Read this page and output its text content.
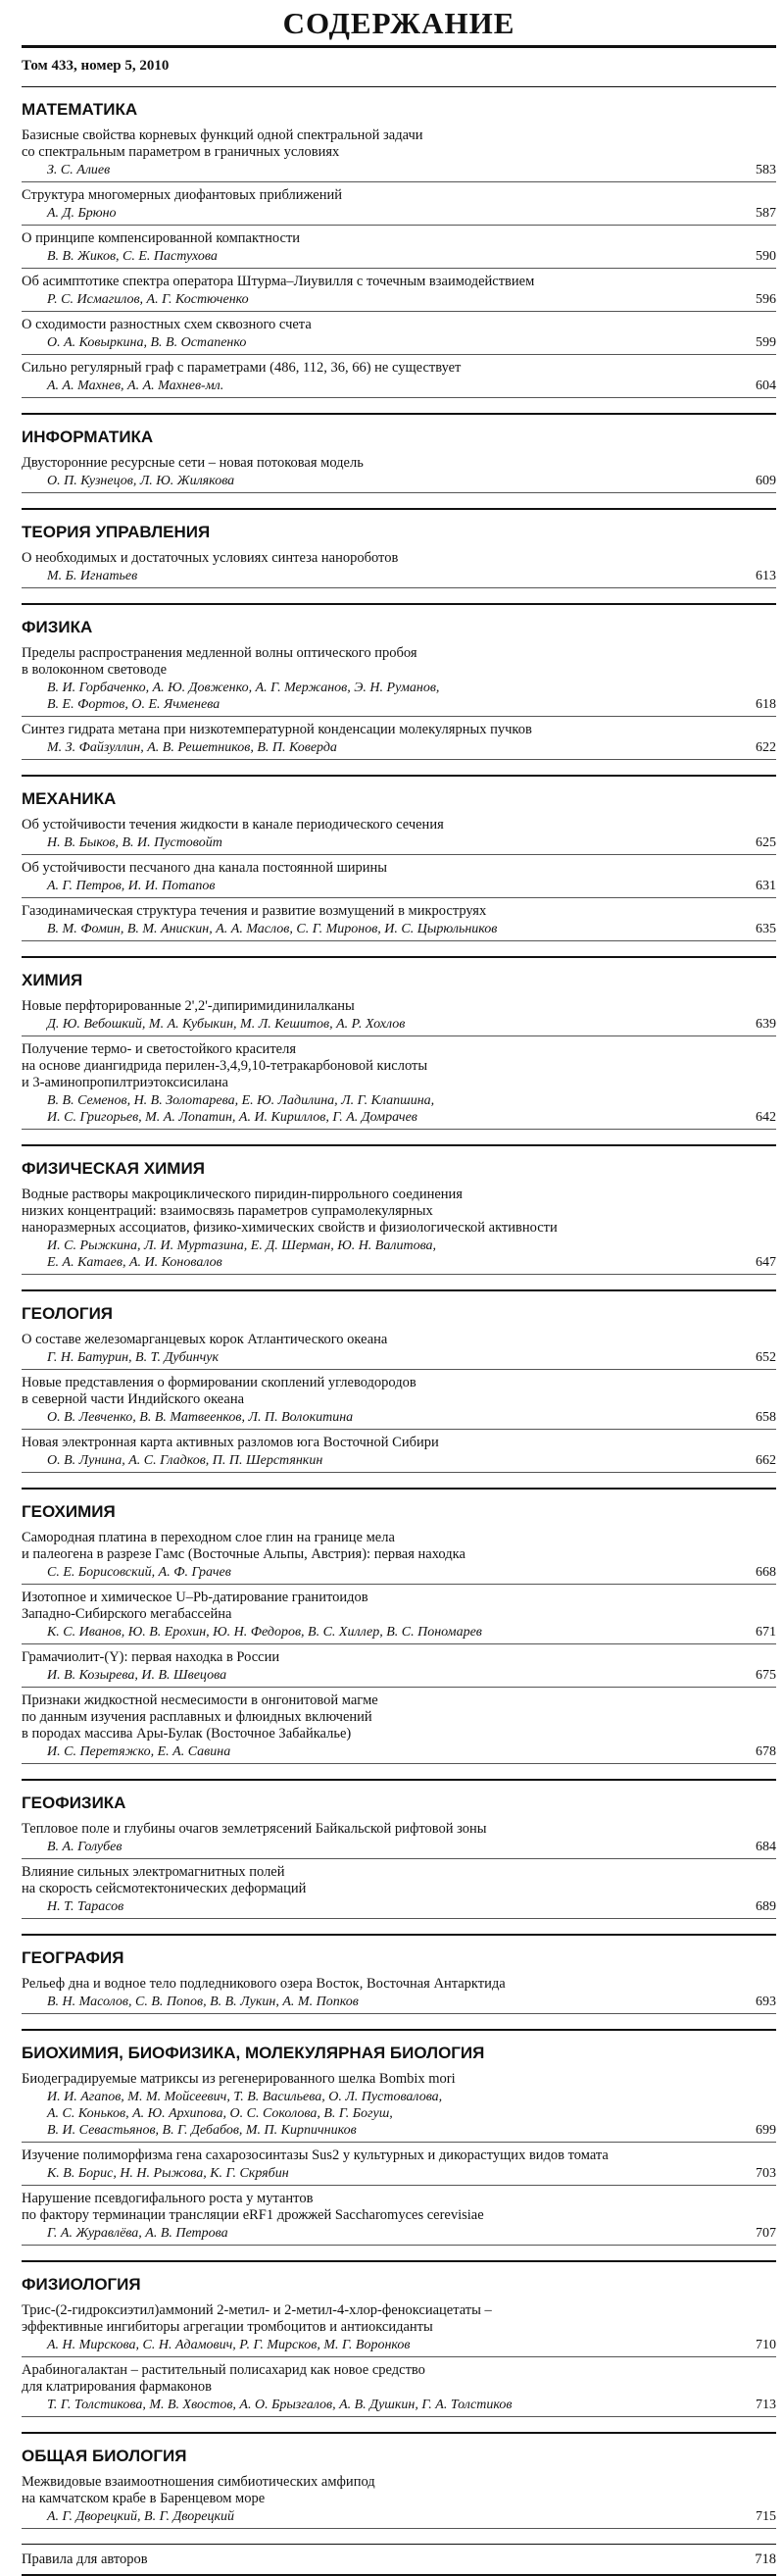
СОДЕРЖАНИЕ
Том 433, номер 5, 2010
МАТЕМАТИКА
Базисные свойства корневых функций одной спектральной задачи
со спектральным параметром в граничных условиях
З. С. Алиев	583
Структура многомерных диофантовых приближений
А. Д. Брюно	587
О принципе компенсированной компактности
В. В. Жиков, С. Е. Пастухова	590
Об асимптотике спектра оператора Штурма–Лиувилля с точечным взаимодействием
Р. С. Исмагилов, А. Г. Костюченко	596
О сходимости разностных схем сквозного счета
О. А. Ковыркина, В. В. Остапенко	599
Сильно регулярный граф с параметрами (486, 112, 36, 66) не существует
А. А. Махнев, А. А. Махнев-мл.	604
ИНФОРМАТИКА
Двусторонние ресурсные сети – новая потоковая модель
О. П. Кузнецов, Л. Ю. Жилякова	609
ТЕОРИЯ УПРАВЛЕНИЯ
О необходимых и достаточных условиях синтеза нанороботов
М. Б. Игнатьев	613
ФИЗИКА
Пределы распространения медленной волны оптического пробоя
в волоконном световоде
В. И. Горбаченко, А. Ю. Довженко, А. Г. Мержанов, Э. Н. Руманов,
В. Е. Фортов, О. Е. Ячменева	618
Синтез гидрата метана при низкотемпературной конденсации молекулярных пучков
М. З. Файзуллин, А. В. Решетников, В. П. Коверда	622
МЕХАНИКА
Об устойчивости течения жидкости в канале периодического сечения
Н. В. Быков, В. И. Пустовойт	625
Об устойчивости песчаного дна канала постоянной ширины
А. Г. Петров, И. И. Потапов	631
Газодинамическая структура течения и развитие возмущений в микроструях
В. М. Фомин, В. М. Анискин, А. А. Маслов, С. Г. Миронов, И. С. Цырюльников	635
ХИМИЯ
Новые перфторированные 2',2'-дипиримидинилалканы
Д. Ю. Вебошкий, М. А. Кубыкин, М. Л. Кешитов, А. Р. Хохлов	639
Получение термо- и светостойкого красителя
на основе диангидрида перилен-3,4,9,10-тетракарбоновой кислоты
и 3-аминопропилтриэтоксисилана
В. В. Семенов, Н. В. Золотарева, Е. Ю. Ладилина, Л. Г. Клапшина,
И. С. Григорьев, М. А. Лопатин, А. И. Кириллов, Г. А. Домрачев	642
ФИЗИЧЕСКАЯ ХИМИЯ
Водные растворы макроциклического пиридин-пиррольного соединения
низких концентраций: взаимосвязь параметров супрамолекулярных
наноразмерных ассоциатов, физико-химических свойств и физиологической активности
И. С. Рыжкина, Л. И. Муртазина, Е. Д. Шерман, Ю. Н. Валитова,
Е. А. Катаев, А. И. Коновалов	647
ГЕОЛОГИЯ
О составе железомарганцевых корок Атлантического океана
Г. Н. Батурин, В. Т. Дубинчук	652
Новые представления о формировании скоплений углеводородов
в северной части Индийского океана
О. В. Левченко, В. В. Матвеенков, Л. П. Волокитина	658
Новая электронная карта активных разломов юга Восточной Сибири
О. В. Лунина, А. С. Гладков, П. П. Шерстянкин	662
ГЕОХИМИЯ
Самородная платина в переходном слое глин на границе мела
и палеогена в разрезе Гамс (Восточные Альпы, Австрия): первая находка
С. Е. Борисовский, А. Ф. Грачев	668
Изотопное и химическое U–Pb-датирование гранитоидов
Западно-Сибирского мегабассейна
К. С. Иванов, Ю. В. Ерохин, Ю. Н. Федоров, В. С. Хиллер, В. С. Пономарев	671
Грамачиолит-(Y): первая находка в России
И. В. Козырева, И. В. Швецова	675
Признаки жидкостной несмесимости в онгонитовой магме
по данным изучения расплавных и флюидных включений
в породах массива Ары-Булак (Восточное Забайкалье)
И. С. Перетяжко, Е. А. Савина	678
ГЕОФИЗИКА
Тепловое поле и глубины очагов землетрясений Байкальской рифтовой зоны
В. А. Голубев	684
Влияние сильных электромагнитных полей
на скорость сейсмотектонических деформаций
Н. Т. Тарасов	689
ГЕОГРАФИЯ
Рельеф дна и водное тело подледникового озера Восток, Восточная Антарктида
В. Н. Масолов, С. В. Попов, В. В. Лукин, А. М. Попков	693
БИОХИМИЯ, БИОФИЗИКА, МОЛЕКУЛЯРНАЯ БИОЛОГИЯ
Биодеградируемые матриксы из регенерированного шелка Bombix mori
И. И. Агапов, М. М. Мойсеевич, Т. В. Васильева, О. Л. Пустовалова,
А. С. Коньков, А. Ю. Архипова, О. С. Соколова, В. Г. Богуш,
В. И. Севастьянов, В. Г. Дебабов, М. П. Кирпичников	699
Изучение полиморфизма гена сахарозосинтазы Sus2 у культурных и дикорастущих видов томата
К. В. Борис, Н. Н. Рыжова, К. Г. Скрябин	703
Нарушение псевдогифального роста у мутантов
по фактору терминации трансляции eRF1 дрожжей Saccharomyces cerevisiae
Г. А. Журавлёва, А. В. Петрова	707
ФИЗИОЛОГИЯ
Трис-(2-гидроксиэтил)аммоний 2-метил- и 2-метил-4-хлор-феноксиацетаты –
эффективные ингибиторы агрегации тромбоцитов и антиоксиданты
А. Н. Мирскова, С. Н. Адамович, Р. Г. Мирсков, М. Г. Воронков	710
Арабиногалактан – растительный полисахарид как новое средство
для клатрирования фармаконов
Т. Г. Толстикова, М. В. Хвостов, А. О. Брызгалов, А. В. Душкин, Г. А. Толстиков	713
ОБЩАЯ БИОЛОГИЯ
Межвидовые взаимоотношения симбиотических амфипод
на камчатском крабе в Баренцевом море
А. Г. Дворецкий, В. Г. Дворецкий	715
Правила для авторов	718
